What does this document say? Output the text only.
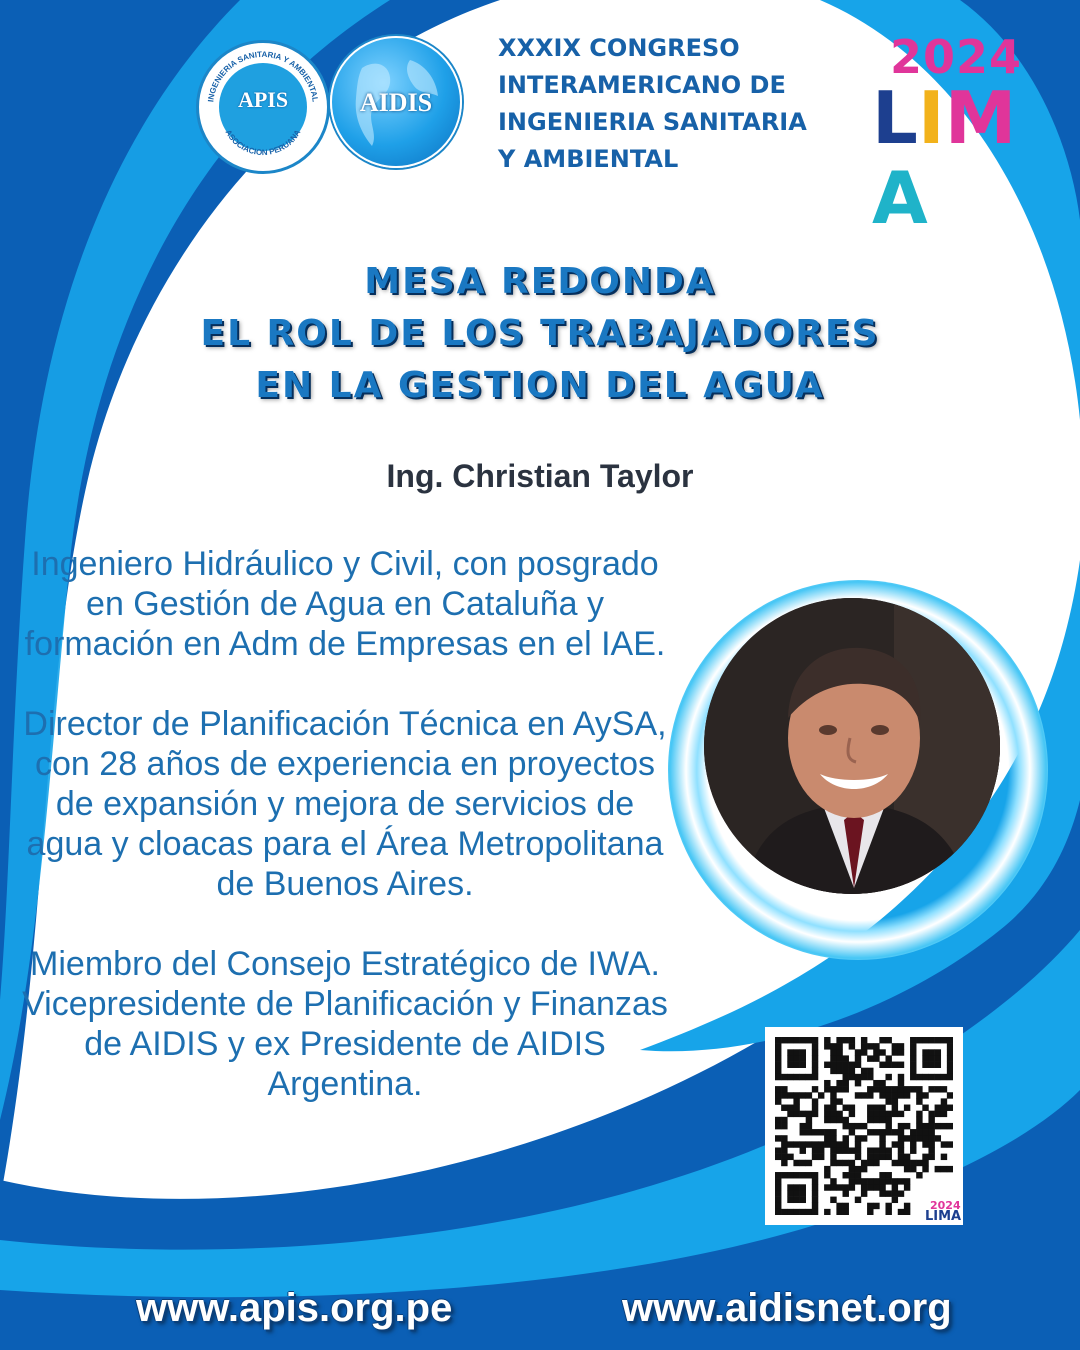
INGENIERIA SANITARIA Y AMBIENTAL
ASOCIACION PERUANA
APIS	AIDIS
XXXIX CONGRESO
INTERAMERICANO DE
INGENIERIA SANITARIA
Y AMBIENTAL
2024
LIMA
MESA REDONDA
EL ROL DE LOS TRABAJADORES
EN LA GESTION DEL AGUA
Ing. Christian Taylor

Ingeniero Hidráulico y Civil, con posgrado en Gestión de Agua en Cataluña y formación en Adm de Empresas en el IAE.

Director de Planificación Técnica en AySA, con 28 años de experiencia en proyectos de expansión y mejora de servicios de agua y cloacas para el Área Metropolitana de Buenos Aires.

Miembro del Consejo Estratégico de IWA. Vicepresidente de Planificación y Finanzas de AIDIS y ex Presidente de AIDIS Argentina.

2024
LIMA
www.apis.org.pe	www.aidisnet.org
